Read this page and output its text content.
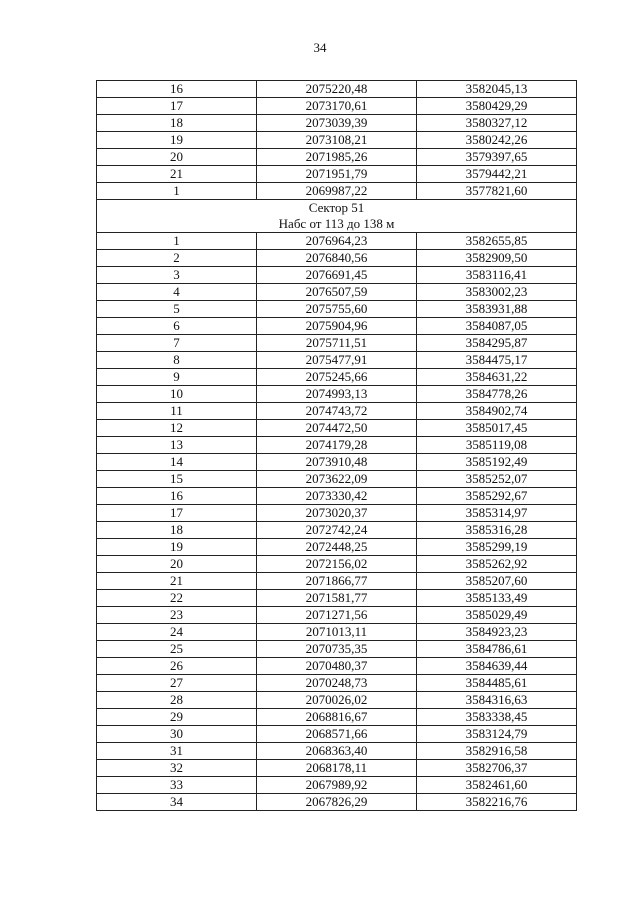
34
16	2075220,48	3582045,13
17	2073170,61	3580429,29
18	2073039,39	3580327,12
19	2073108,21	3580242,26
20	2071985,26	3579397,65
21	2071951,79	3579442,21
1	2069987,22	3577821,60

Сектор 51
Набс от 113 до 138 м		

1	2076964,23	3582655,85
2	2076840,56	3582909,50
3	2076691,45	3583116,41
4	2076507,59	3583002,23
5	2075755,60	3583931,88
6	2075904,96	3584087,05
7	2075711,51	3584295,87
8	2075477,91	3584475,17
9	2075245,66	3584631,22
10	2074993,13	3584778,26
11	2074743,72	3584902,74
12	2074472,50	3585017,45
13	2074179,28	3585119,08
14	2073910,48	3585192,49
15	2073622,09	3585252,07
16	2073330,42	3585292,67
17	2073020,37	3585314,97
18	2072742,24	3585316,28
19	2072448,25	3585299,19
20	2072156,02	3585262,92
21	2071866,77	3585207,60
22	2071581,77	3585133,49
23	2071271,56	3585029,49
24	2071013,11	3584923,23
25	2070735,35	3584786,61
26	2070480,37	3584639,44
27	2070248,73	3584485,61
28	2070026,02	3584316,63
29	2068816,67	3583338,45
30	2068571,66	3583124,79
31	2068363,40	3582916,58
32	2068178,11	3582706,37
33	2067989,92	3582461,60
34	2067826,29	3582216,76
